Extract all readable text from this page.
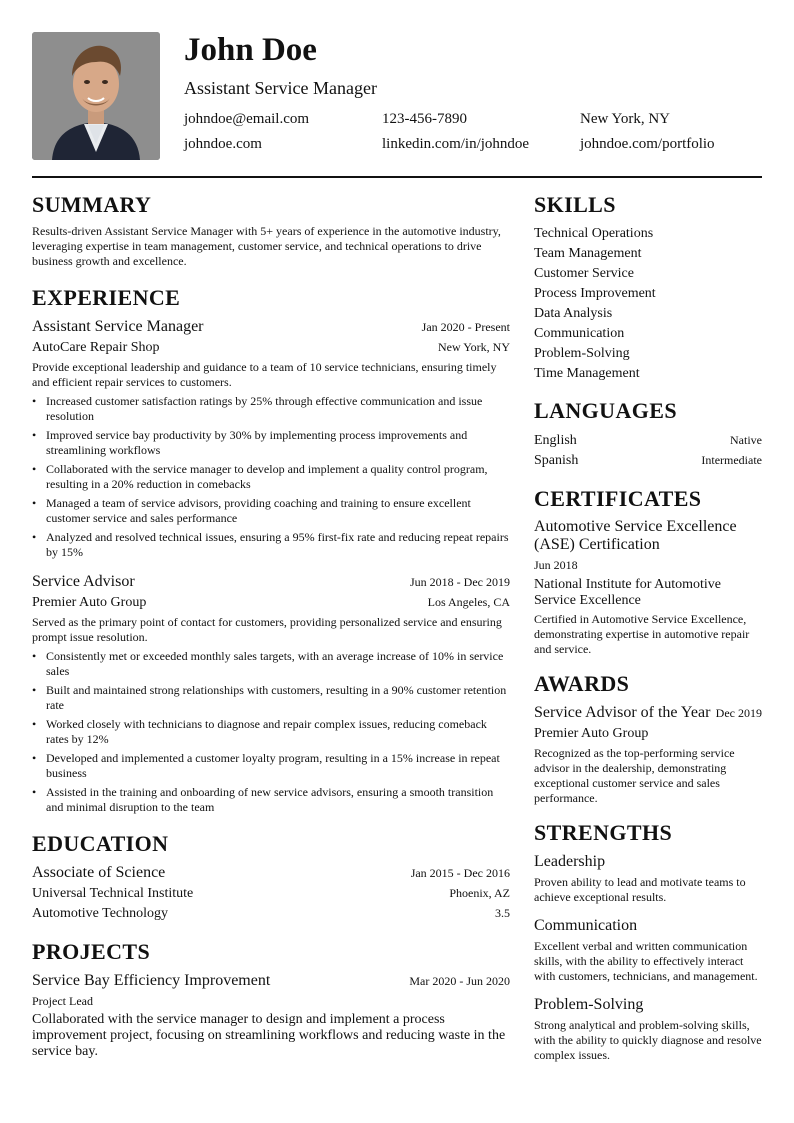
John Doe
Assistant Service Manager
johndoe@email.com	123-456-7890	New York, NY
johndoe.com	linkedin.com/in/johndoe	johndoe.com/portfolio
SUMMARY
Results-driven Assistant Service Manager with 5+ years of experience in the automotive industry, leveraging expertise in team management, customer service, and technical operations to drive business growth and excellence.
EXPERIENCE
Assistant Service Manager	Jan 2020 - Present
AutoCare Repair Shop	New York, NY
Provide exceptional leadership and guidance to a team of 10 service technicians, ensuring timely and efficient repair services to customers.
• Increased customer satisfaction ratings by 25% through effective communication and issue resolution
• Improved service bay productivity by 30% by implementing process improvements and streamlining workflows
• Collaborated with the service manager to develop and implement a quality control program, resulting in a 20% reduction in comebacks
• Managed a team of service advisors, providing coaching and training to ensure excellent customer service and sales performance
• Analyzed and resolved technical issues, ensuring a 95% first-fix rate and reducing repeat repairs by 15%
Service Advisor	Jun 2018 - Dec 2019
Premier Auto Group	Los Angeles, CA
Served as the primary point of contact for customers, providing personalized service and ensuring prompt issue resolution.
• Consistently met or exceeded monthly sales targets, with an average increase of 10% in service sales
• Built and maintained strong relationships with customers, resulting in a 90% customer retention rate
• Worked closely with technicians to diagnose and repair complex issues, reducing comeback rates by 12%
• Developed and implemented a customer loyalty program, resulting in a 15% increase in repeat business
• Assisted in the training and onboarding of new service advisors, ensuring a smooth transition and minimal disruption to the team
EDUCATION
Associate of Science	Jan 2015 - Dec 2016
Universal Technical Institute	Phoenix, AZ
Automotive Technology	3.5
PROJECTS
Service Bay Efficiency Improvement	Mar 2020 - Jun 2020
Project Lead
Collaborated with the service manager to design and implement a process improvement project, focusing on streamlining workflows and reducing waste in the service bay.
SKILLS
Technical Operations
Team Management
Customer Service
Process Improvement
Data Analysis
Communication
Problem-Solving
Time Management
LANGUAGES
English	Native
Spanish	Intermediate
CERTIFICATES
Automotive Service Excellence (ASE) Certification
Jun 2018
National Institute for Automotive Service Excellence
Certified in Automotive Service Excellence, demonstrating expertise in automotive repair and service.
AWARDS
Service Advisor of the Year Dec 2019
Premier Auto Group
Recognized as the top-performing service advisor in the dealership, demonstrating exceptional customer service and sales performance.
STRENGTHS
Leadership
Proven ability to lead and motivate teams to achieve exceptional results.
Communication
Excellent verbal and written communication skills, with the ability to effectively interact with customers, technicians, and management.
Problem-Solving
Strong analytical and problem-solving skills, with the ability to quickly diagnose and resolve complex issues.
